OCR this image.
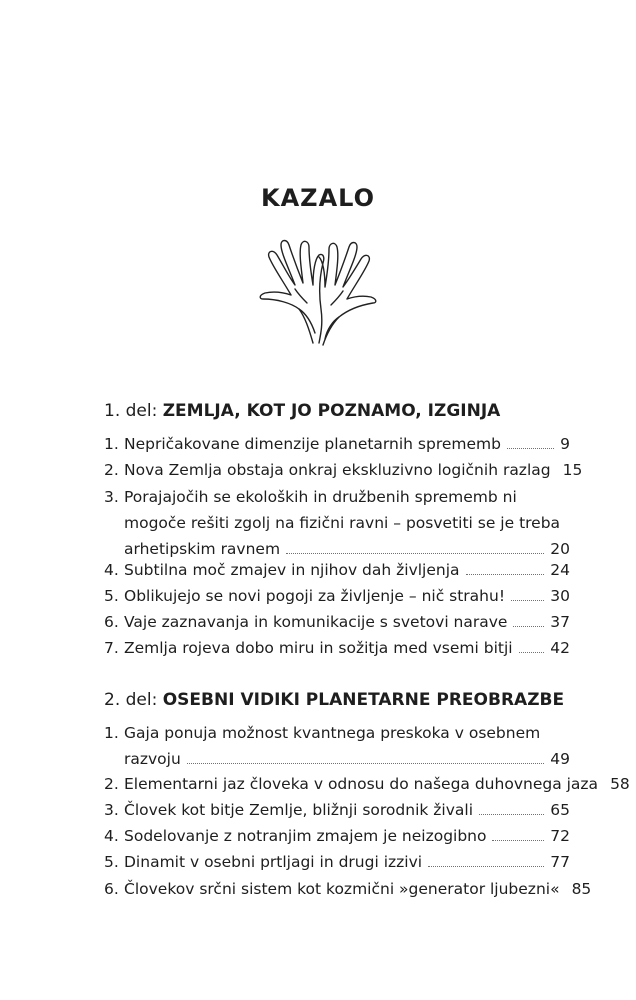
KAZALO
1. del: ZEMLJA, KOT JO POZNAMO, IZGINJA
1. Nepričakovane dimenzije planetarnih sprememb	9
2. Nova Zemlja obstaja onkraj ekskluzivno logičnih razlag 15
3. Porajajočih se ekoloških in družbenih sprememb ni
mogoče rešiti zgolj na fizični ravni – posvetiti se je treba
arhetipskim ravnem	20
4. Subtilna moč zmajev in njihov dah življenja	24
5. Oblikujejo se novi pogoji za življenje – nič strahu!	30
6. Vaje zaznavanja in komunikacije s svetovi narave	37
7. Zemlja rojeva dobo miru in sožitja med vsemi bitji 42
2. del: OSEBNI VIDIKI PLANETARNE PREOBRAZBE
1. Gaja ponuja možnost kvantnega preskoka v osebnem
razvoju	49
2. Elementarni jaz človeka v odnosu do našega duhovnega jaza 58
3. Človek kot bitje Zemlje, bližnji sorodnik živali	65
4. Sodelovanje z notranjim zmajem je neizogibno	72
5. Dinamit v osebni prtljagi in drugi izzivi	77
6. Človekov srčni sistem kot kozmični »generator ljubezni« 85
